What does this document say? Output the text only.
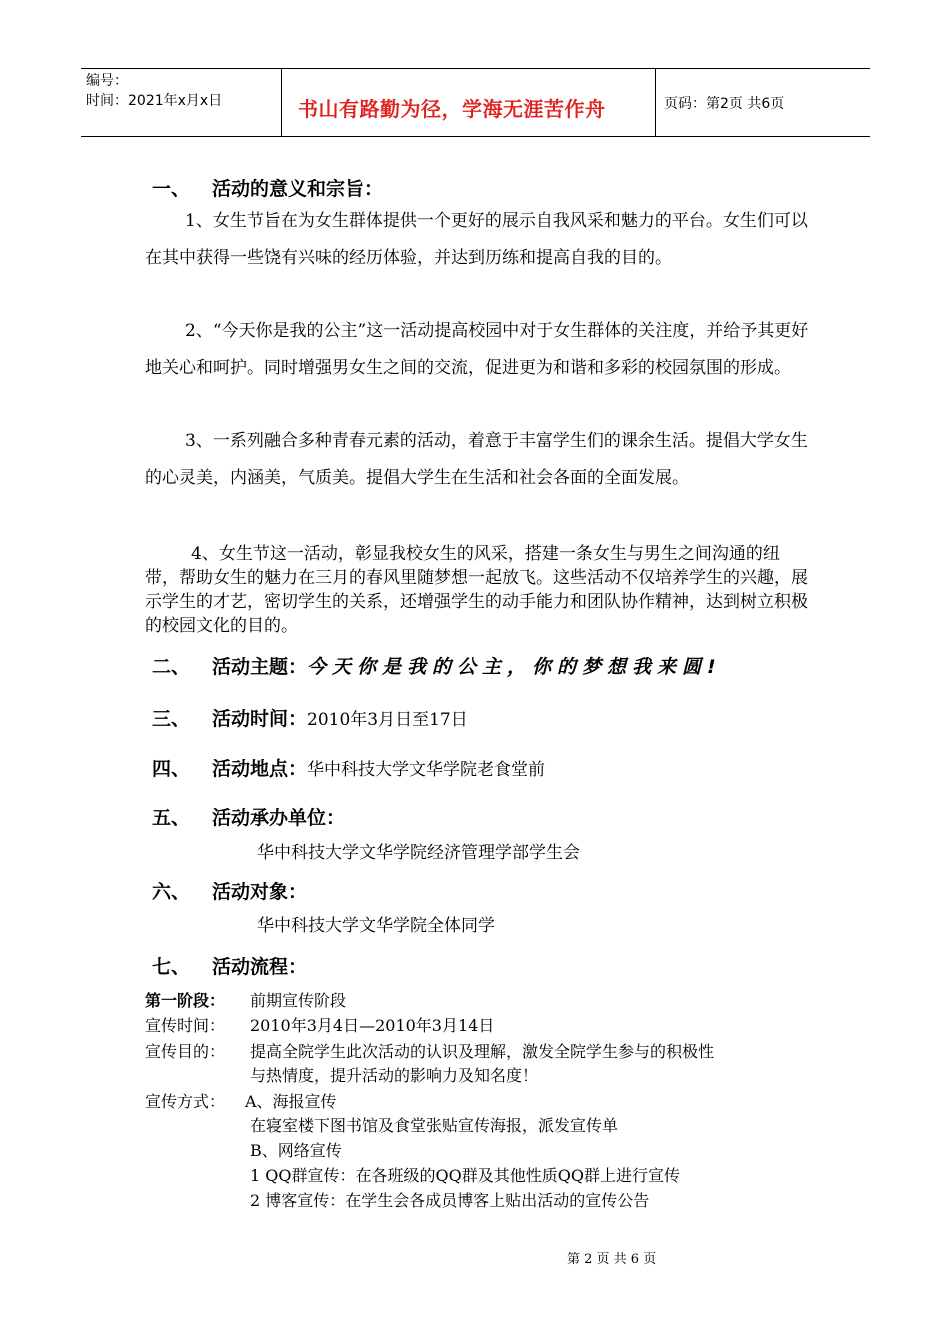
编号：
时间：2021年x月x日	书山有路勤为径，学海无涯苦作舟	页码：第2页 共6页
一、 活动的意义和宗旨：
1、女生节旨在为女生群体提供一个更好的展示自我风采和魅力的平台。女生们可以在其中获得一些饶有兴味的经历体验，并达到历练和提高自我的目的。
2、“今天你是我的公主”这一活动提高校园中对于女生群体的关注度，并给予其更好地关心和呵护。同时增强男女生之间的交流，促进更为和谐和多彩的校园氛围的形成。
3、一系列融合多种青春元素的活动，着意于丰富学生们的课余生活。提倡大学女生的心灵美，内涵美，气质美。提倡大学生在生活和社会各面的全面发展。
4、女生节这一活动，彰显我校女生的风采，搭建一条女生与男生之间沟通的纽带，帮助女生的魅力在三月的春风里随梦想一起放飞。这些活动不仅培养学生的兴趣，展示学生的才艺，密切学生的关系，还增强学生的动手能力和团队协作精神，达到树立积极的校园文化的目的。
二、 活动主题：今天你是我的公主，你的梦想我来圆!
三、 活动时间：2010年3月日至17日
四、 活动地点：华中科技大学文华学院老食堂前
五、 活动承办单位：
华中科技大学文华学院经济管理学部学生会
六、 活动对象：
华中科技大学文华学院全体同学
七、 活动流程：
第一阶段： 前期宣传阶段
宣传时间： 2010年3月4日—2010年3月14日
宣传目的： 提高全院学生此次活动的认识及理解，激发全院学生参与的积极性
与热情度，提升活动的影响力及知名度！
宣传方式： A、海报宣传
在寝室楼下图书馆及食堂张贴宣传海报，派发宣传单
B、网络宣传
1 QQ群宣传：在各班级的QQ群及其他性质QQ群上进行宣传
2 博客宣传：在学生会各成员博客上贴出活动的宣传公告
第 2 页 共 6 页
